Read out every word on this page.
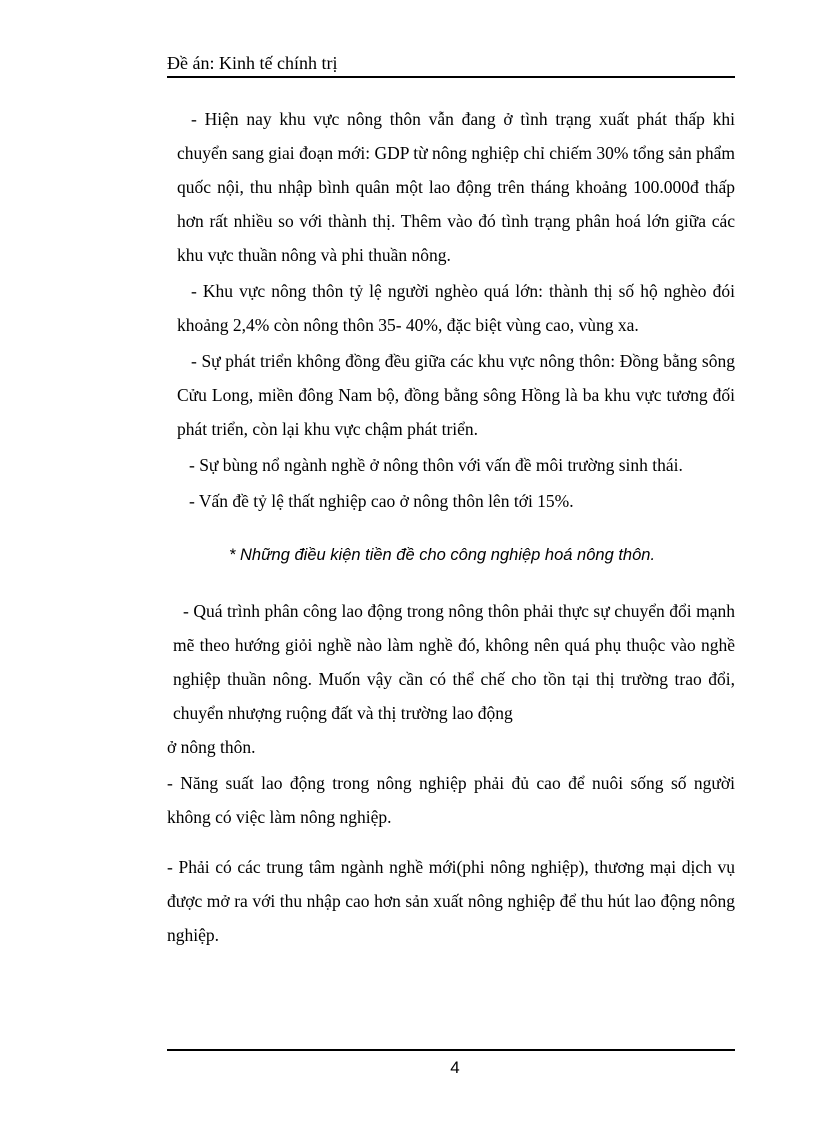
Đề án: Kinh tế chính trị

- Hiện nay khu vực nông thôn vẫn đang ở tình trạng xuất phát thấp khi chuyển sang giai đoạn mới: GDP từ nông nghiệp chỉ chiếm 30% tổng sản phẩm quốc nội, thu nhập bình quân một lao động trên tháng khoảng 100.000đ thấp hơn rất nhiều so với thành thị. Thêm vào đó tình trạng phân hoá lớn giữa các khu vực thuần nông và phi thuần nông.

- Khu vực nông thôn tỷ lệ người nghèo quá lớn: thành thị số hộ nghèo đói khoảng 2,4% còn nông thôn 35- 40%, đặc biệt vùng cao, vùng xa.

- Sự phát triển không đồng đều giữa các khu vực nông thôn: Đồng bằng sông Cửu Long, miền đông Nam bộ, đồng bằng sông Hồng là ba khu vực tương đối phát triển, còn lại khu vực chậm phát triển.

- Sự bùng nổ ngành nghề ở nông thôn với vấn đề môi trường sinh thái.

- Vấn đề tỷ lệ thất nghiệp cao ở nông thôn lên tới 15%.

* Những điều kiện tiền đề cho công nghiệp hoá nông thôn.

- Quá trình phân công lao động trong nông thôn phải thực sự chuyển đổi mạnh mẽ theo hướng giỏi nghề nào làm nghề đó, không nên quá phụ thuộc vào nghề nghiệp thuần nông. Muốn vậy cần có thể chế cho tồn tại thị trường trao đổi, chuyển nhượng ruộng đất và thị trường lao động

ở nông thôn.

- Năng suất lao động trong nông nghiệp phải đủ cao để nuôi sống số người không có việc làm nông nghiệp.

- Phải có các trung tâm ngành nghề mới(phi nông nghiệp), thương mại dịch vụ được mở ra với thu nhập cao hơn sản xuất nông nghiệp để thu hút lao động nông nghiệp.

4
